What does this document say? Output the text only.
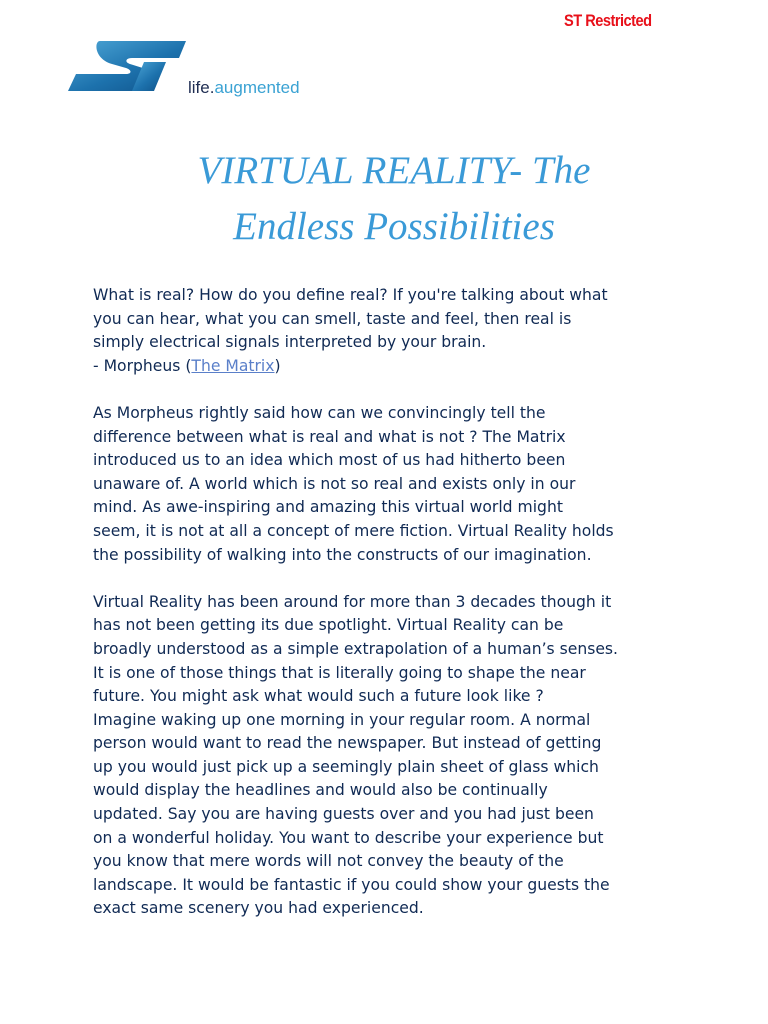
ST Restricted
life.augmented
VIRTUAL REALITY- The
Endless Possibilities

What is real? How do you define real? If you're talking about what
you can hear, what you can smell, taste and feel, then real is
simply electrical signals interpreted by your brain.
- Morpheus (The Matrix)

As Morpheus rightly said how can we convincingly tell the
difference between what is real and what is not ? The Matrix
introduced us to an idea which most of us had hitherto been
unaware of. A world which is not so real and exists only in our
mind. As awe-inspiring and amazing this virtual world might
seem, it is not at all a concept of mere fiction. Virtual Reality holds
the possibility of walking into the constructs of our imagination.

Virtual Reality has been around for more than 3 decades though it
has not been getting its due spotlight. Virtual Reality can be
broadly understood as a simple extrapolation of a human’s senses.
It is one of those things that is literally going to shape the near
future. You might ask what would such a future look like ?
Imagine waking up one morning in your regular room. A normal
person would want to read the newspaper. But instead of getting
up you would just pick up a seemingly plain sheet of glass which
would display the headlines and would also be continually
updated. Say you are having guests over and you had just been
on a wonderful holiday. You want to describe your experience but
you know that mere words will not convey the beauty of the
landscape. It would be fantastic if you could show your guests the
exact same scenery you had experienced.
